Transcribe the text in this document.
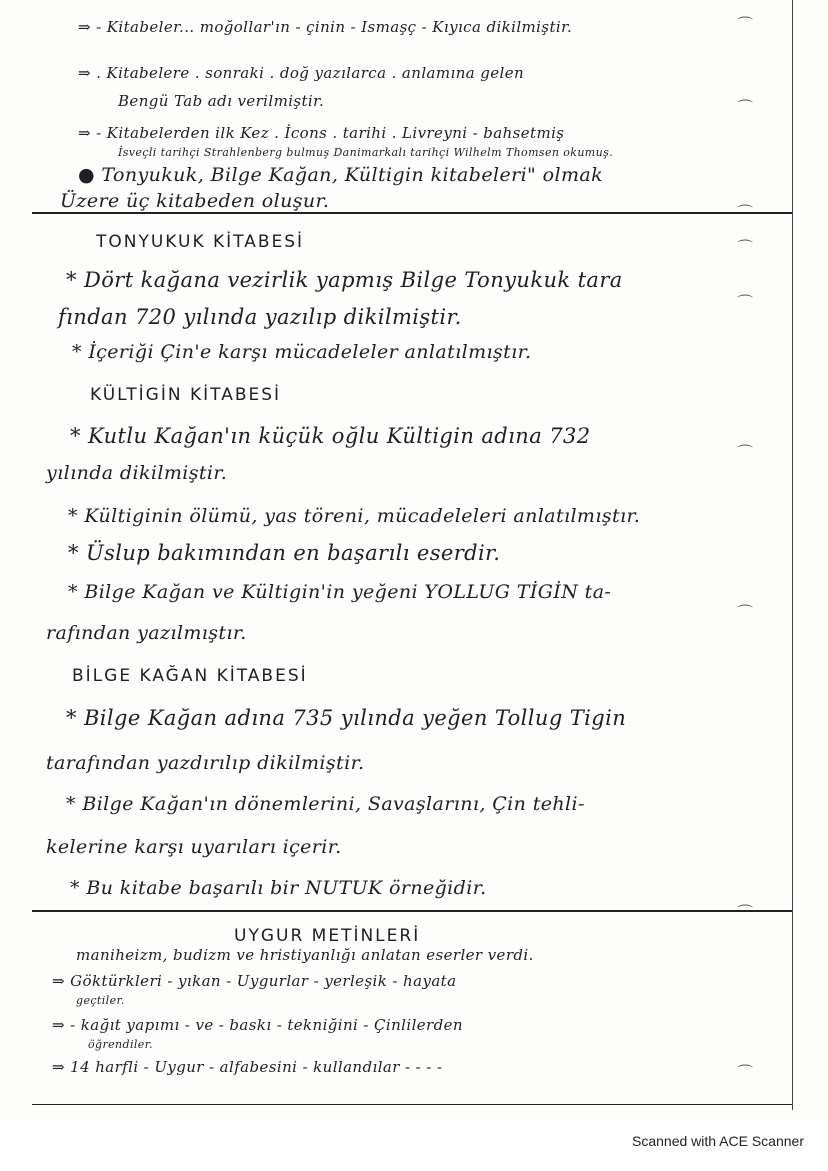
⌒
⌒
⌒
⌒
⌒
⌒
⌒
⌒
⌒
⇒ - Kitabeler... moğollar'ın - çinin - Ismaşç - Kıyıca dikilmiştir.
⇒ . Kitabelere . sonraki . doğ yazılarca . anlamına gelen
Bengü Tab adı verilmiştir.
⇒ - Kitabelerden ilk Kez . İcons . tarihi . Livreyni - bahsetmiş
İsveçli tarihçi Strahlenberg bulmuş Danimarkalı tarihçi Wilhelm Thomsen okumuş.
● Tonyukuk, Bilge Kağan, Kültigin kitabeleri" olmak
Üzere üç kitabeden oluşur.
TONYUKUK KİTABESİ
* Dört kağana vezirlik yapmış Bilge Tonyukuk tara
fından 720 yılında yazılıp dikilmiştir.
* İçeriği Çin'e karşı mücadeleler anlatılmıştır.
KÜLTİGİN KİTABESİ
* Kutlu Kağan'ın küçük oğlu Kültigin adına 732
yılında dikilmiştir.
* Kültiginin ölümü, yas töreni, mücadeleleri anlatılmıştır.
* Üslup bakımından en başarılı eserdir.
* Bilge Kağan ve Kültigin'in yeğeni YOLLUG TİGİN ta-
rafından yazılmıştır.
BİLGE KAĞAN KİTABESİ
* Bilge Kağan adına 735 yılında yeğen Tollug Tigin
tarafından yazdırılıp dikilmiştir.
* Bilge Kağan'ın dönemlerini, Savaşlarını, Çin tehli-
kelerine karşı uyarıları içerir.
* Bu kitabe başarılı bir NUTUK örneğidir.
UYGUR METİNLERİ
maniheizm, budizm ve hristiyanlığı anlatan eserler verdi.
⇒ Göktürkleri - yıkan - Uygurlar - yerleşik - hayata
geçtiler.
⇒ - kağıt yapımı - ve - baskı - tekniğini - Çinlilerden
öğrendiler.
⇒ 14 harfli - Uygur - alfabesini - kullandılar - - - -
Scanned with ACE Scanner
